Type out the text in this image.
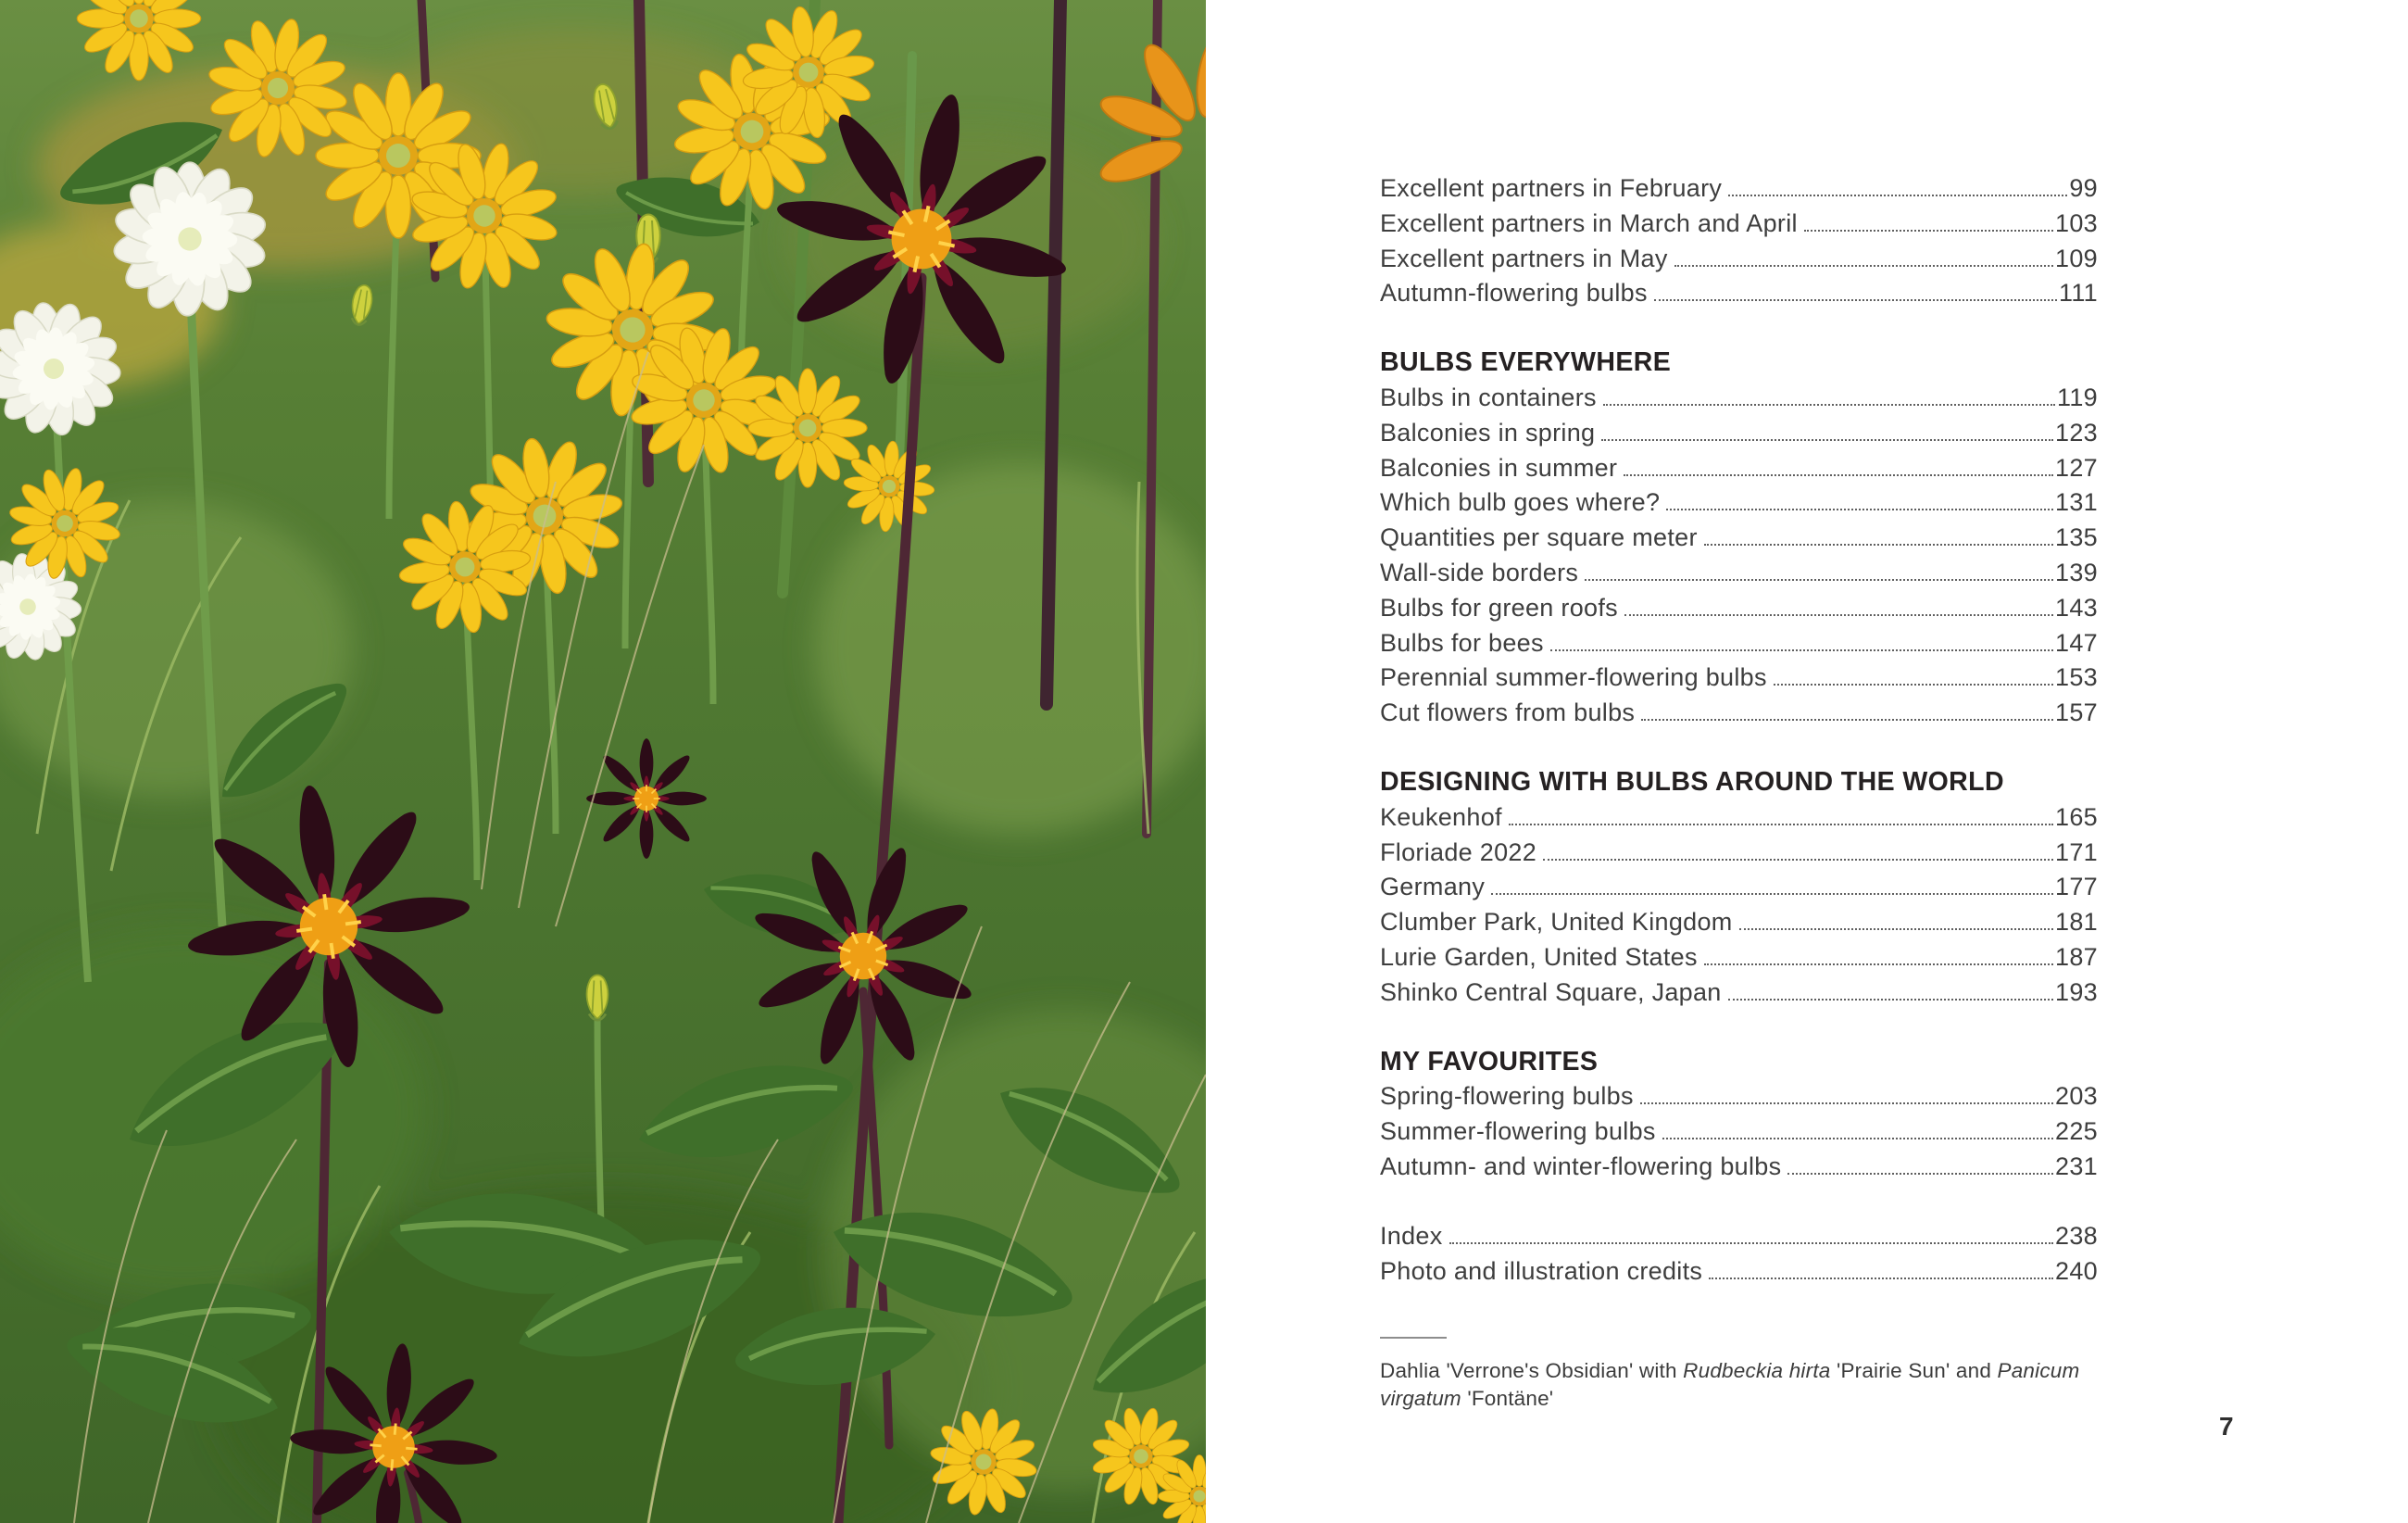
Excellent partners in February	99
Excellent partners in March and April	103
Excellent partners in May	109
Autumn-flowering bulbs	111
BULBS EVERYWHERE
Bulbs in containers	119
Balconies in spring	123
Balconies in summer	127
Which bulb goes where?	131
Quantities per square meter	135
Wall-side borders	139
Bulbs for green roofs	143
Bulbs for bees	147
Perennial summer-flowering bulbs	153
Cut flowers from bulbs	157
DESIGNING WITH BULBS AROUND THE WORLD
Keukenhof	165
Floriade 2022	171
Germany	177
Clumber Park, United Kingdom	181
Lurie Garden, United States	187
Shinko Central Square, Japan	193
MY FAVOURITES
Spring-flowering bulbs	203
Summer-flowering bulbs	225
Autumn- and winter-flowering bulbs	231
Index	238
Photo and illustration credits	240
Dahlia 'Verrone's Obsidian' with Rudbeckia hirta 'Prairie Sun' and Panicum virgatum 'Fontäne'
7
